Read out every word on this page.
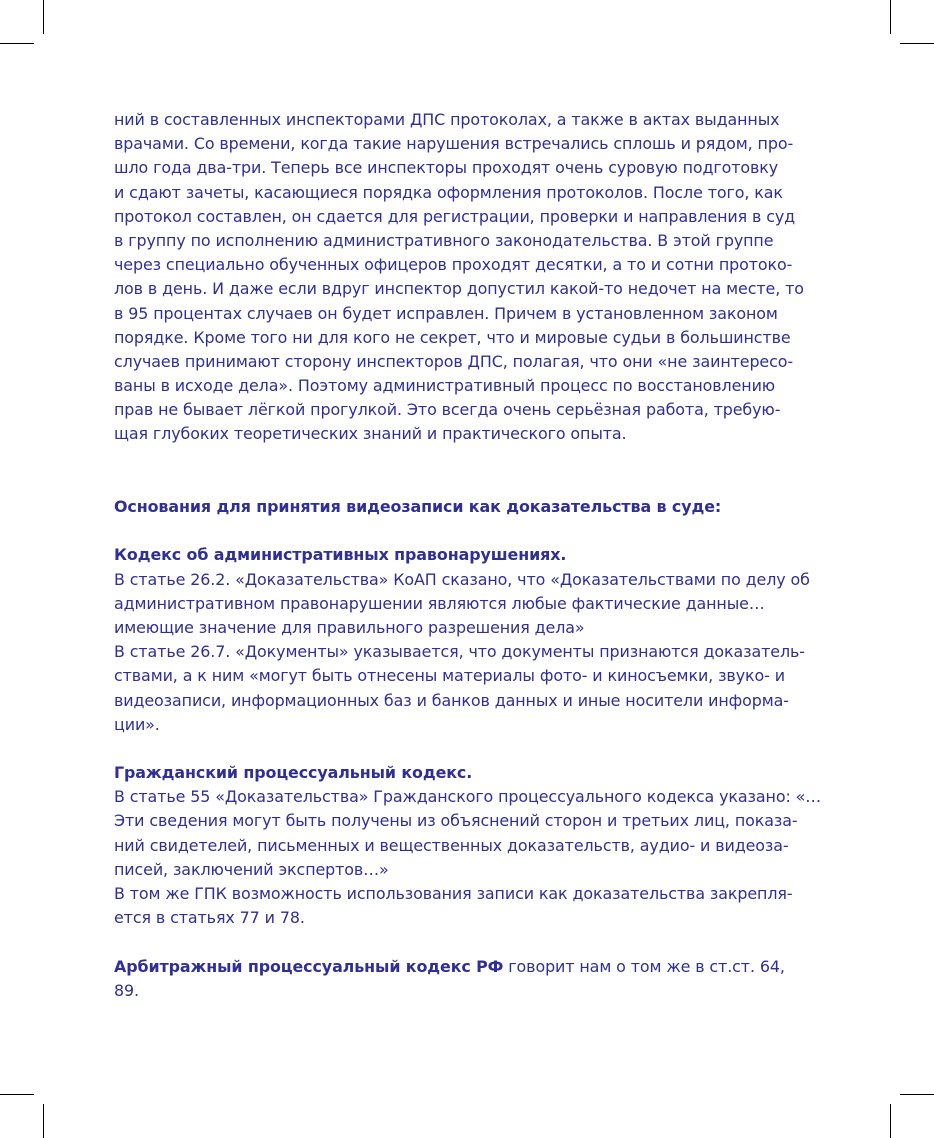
ний в составленных инспекторами ДПС протоколах, а также в актах выданных
врачами. Со времени, когда такие нарушения встречались сплошь и рядом, про-
шло года два-три. Теперь все инспекторы проходят очень суровую подготовку
и сдают зачеты, касающиеся порядка оформления протоколов. После того, как
протокол составлен, он сдается для регистрации, проверки и направления в суд
в группу по исполнению административного законодательства. В этой группе
через специально обученных офицеров проходят десятки, а то и сотни протоко-
лов в день. И даже если вдруг инспектор допустил какой-то недочет на месте, то
в 95 процентах случаев он будет исправлен. Причем в установленном законом
порядке. Кроме того ни для кого не секрет, что и мировые судьи в большинстве
случаев принимают сторону инспекторов ДПС, полагая, что они «не заинтересо-
ваны в исходе дела». Поэтому административный процесс по восстановлению
прав не бывает лёгкой прогулкой. Это всегда очень серьёзная работа, требую-
щая глубоких теоретических знаний и практического опыта.
Основания для принятия видеозаписи как доказательства в суде:
Кодекс об административных правонарушениях.
В статье 26.2. «Доказательства» КоАП сказано, что «Доказательствами по делу об
административном правонарушении являются любые фактические данные…
имеющие значение для правильного разрешения дела»
В статье 26.7. «Документы» указывается, что документы признаются доказатель-
ствами, а к ним «могут быть отнесены материалы фото- и киносъемки, звуко- и
видеозаписи, информационных баз и банков данных и иные носители информа-
ции».
Гражданский процессуальный кодекс.
В статье 55 «Доказательства» Гражданского процессуального кодекса указано: «…
Эти сведения могут быть получены из объяснений сторон и третьих лиц, показа-
ний свидетелей, письменных и вещественных доказательств, аудио- и видеоза-
писей, заключений экспертов…»
В том же ГПК возможность использования записи как доказательства закрепля-
ется в статьях 77 и 78.
Арбитражный процессуальный кодекс РФ говорит нам о том же в ст.ст. 64,
89.
